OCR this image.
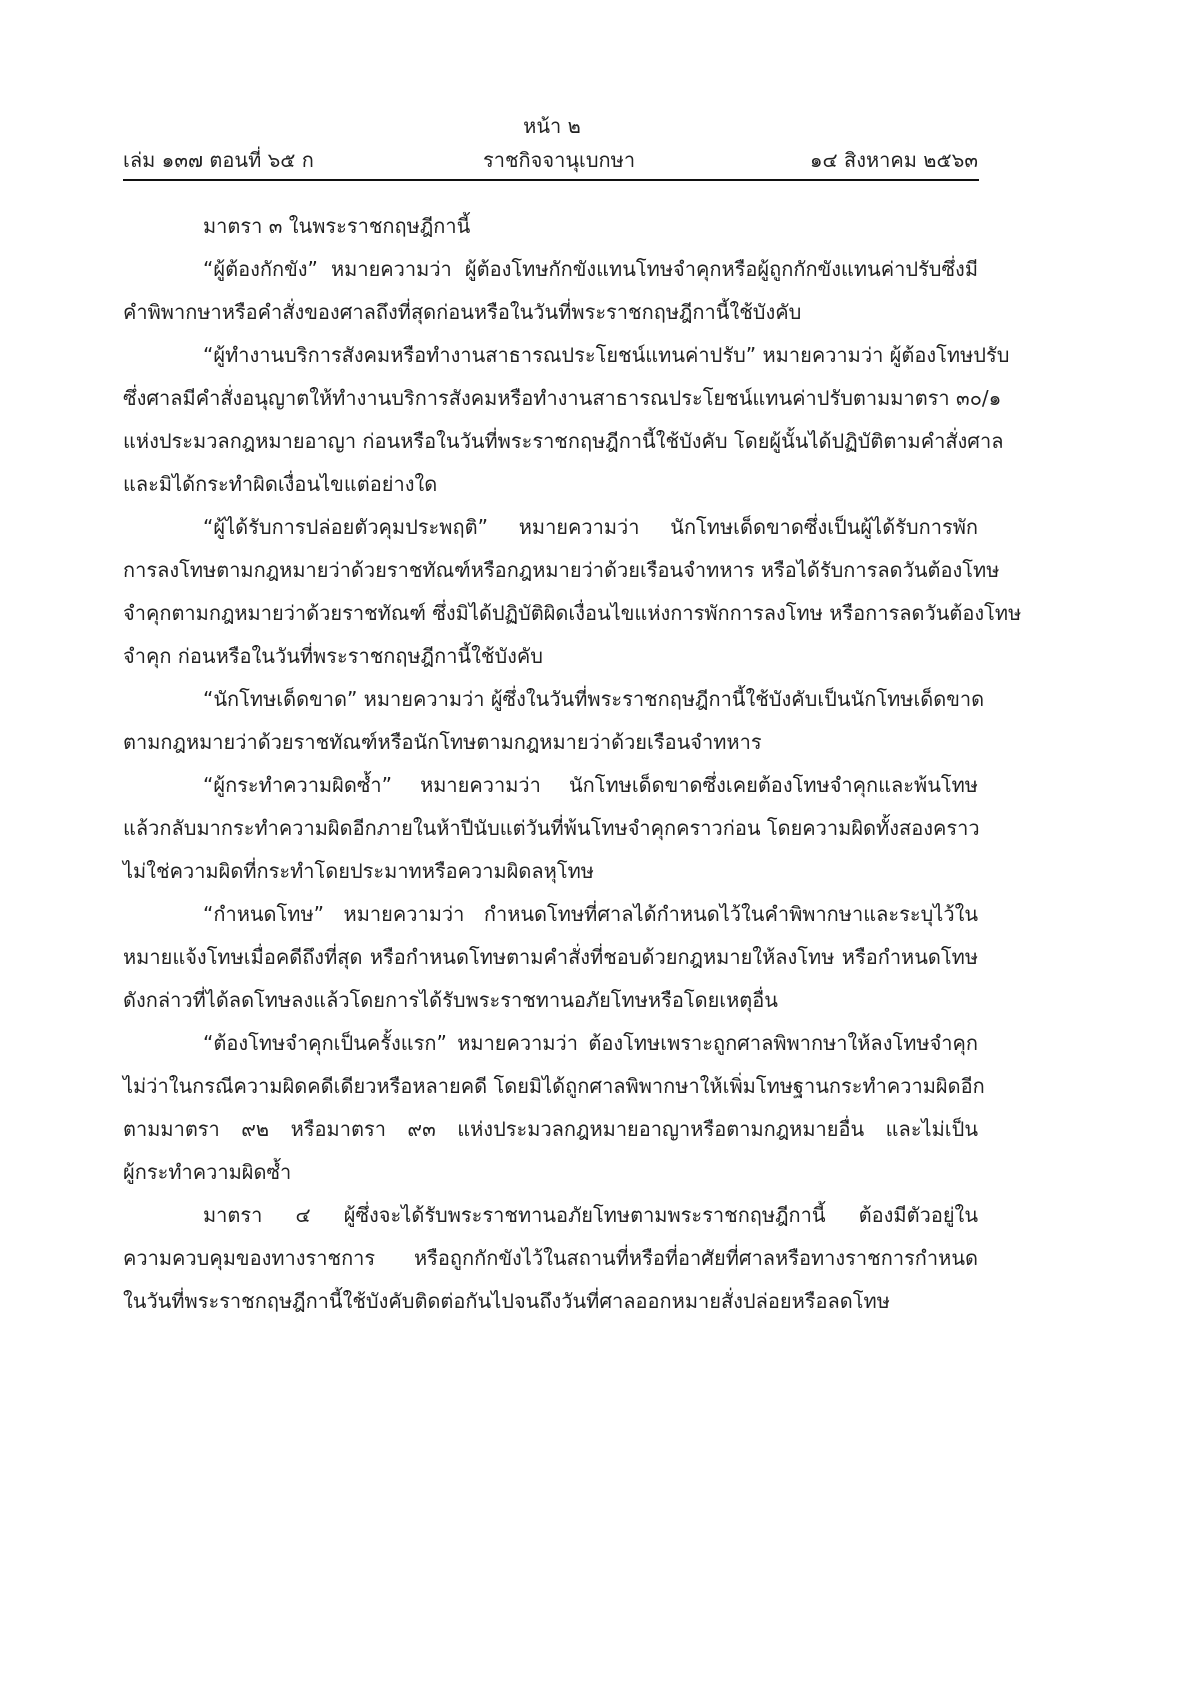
หน้า ๒
เล่ม ๑๓๗ ตอนที่ ๖๕ ก	ราชกิจจานุเบกษา	๑๔ สิงหาคม ๒๕๖๓
มาตรา ๓ ในพระราชกฤษฎีกานี้
“ผู้ต้องกักขัง” หมายความว่า ผู้ต้องโทษกักขังแทนโทษจำคุกหรือผู้ถูกกักขังแทนค่าปรับซึ่งมี
คำพิพากษาหรือคำสั่งของศาลถึงที่สุดก่อนหรือในวันที่พระราชกฤษฎีกานี้ใช้บังคับ
“ผู้ทำงานบริการสังคมหรือทำงานสาธารณประโยชน์แทนค่าปรับ” หมายความว่า ผู้ต้องโทษปรับ
ซึ่งศาลมีคำสั่งอนุญาตให้ทำงานบริการสังคมหรือทำงานสาธารณประโยชน์แทนค่าปรับตามมาตรา ๓๐/๑
แห่งประมวลกฎหมายอาญา ก่อนหรือในวันที่พระราชกฤษฎีกานี้ใช้บังคับ โดยผู้นั้นได้ปฏิบัติตามคำสั่งศาล
และมิได้กระทำผิดเงื่อนไขแต่อย่างใด
“ผู้ได้รับการปล่อยตัวคุมประพฤติ” หมายความว่า นักโทษเด็ดขาดซึ่งเป็นผู้ได้รับการพัก
การลงโทษตามกฎหมายว่าด้วยราชทัณฑ์หรือกฎหมายว่าด้วยเรือนจำทหาร หรือได้รับการลดวันต้องโทษ
จำคุกตามกฎหมายว่าด้วยราชทัณฑ์ ซึ่งมิได้ปฏิบัติผิดเงื่อนไขแห่งการพักการลงโทษ หรือการลดวันต้องโทษ
จำคุก ก่อนหรือในวันที่พระราชกฤษฎีกานี้ใช้บังคับ
“นักโทษเด็ดขาด” หมายความว่า ผู้ซึ่งในวันที่พระราชกฤษฎีกานี้ใช้บังคับเป็นนักโทษเด็ดขาด
ตามกฎหมายว่าด้วยราชทัณฑ์หรือนักโทษตามกฎหมายว่าด้วยเรือนจำทหาร
“ผู้กระทำความผิดซ้ำ” หมายความว่า นักโทษเด็ดขาดซึ่งเคยต้องโทษจำคุกและพ้นโทษ
แล้วกลับมากระทำความผิดอีกภายในห้าปีนับแต่วันที่พ้นโทษจำคุกคราวก่อน โดยความผิดทั้งสองคราว
ไม่ใช่ความผิดที่กระทำโดยประมาทหรือความผิดลหุโทษ
“กำหนดโทษ” หมายความว่า กำหนดโทษที่ศาลได้กำหนดไว้ในคำพิพากษาและระบุไว้ใน
หมายแจ้งโทษเมื่อคดีถึงที่สุด หรือกำหนดโทษตามคำสั่งที่ชอบด้วยกฎหมายให้ลงโทษ หรือกำหนดโทษ
ดังกล่าวที่ได้ลดโทษลงแล้วโดยการได้รับพระราชทานอภัยโทษหรือโดยเหตุอื่น
“ต้องโทษจำคุกเป็นครั้งแรก” หมายความว่า ต้องโทษเพราะถูกศาลพิพากษาให้ลงโทษจำคุก
ไม่ว่าในกรณีความผิดคดีเดียวหรือหลายคดี โดยมิได้ถูกศาลพิพากษาให้เพิ่มโทษฐานกระทำความผิดอีก
ตามมาตรา ๙๒ หรือมาตรา ๙๓ แห่งประมวลกฎหมายอาญาหรือตามกฎหมายอื่น และไม่เป็น
ผู้กระทำความผิดซ้ำ
มาตรา ๔ ผู้ซึ่งจะได้รับพระราชทานอภัยโทษตามพระราชกฤษฎีกานี้ ต้องมีตัวอยู่ใน
ความควบคุมของทางราชการ หรือถูกกักขังไว้ในสถานที่หรือที่อาศัยที่ศาลหรือทางราชการกำหนด
ในวันที่พระราชกฤษฎีกานี้ใช้บังคับติดต่อกันไปจนถึงวันที่ศาลออกหมายสั่งปล่อยหรือลดโทษ
